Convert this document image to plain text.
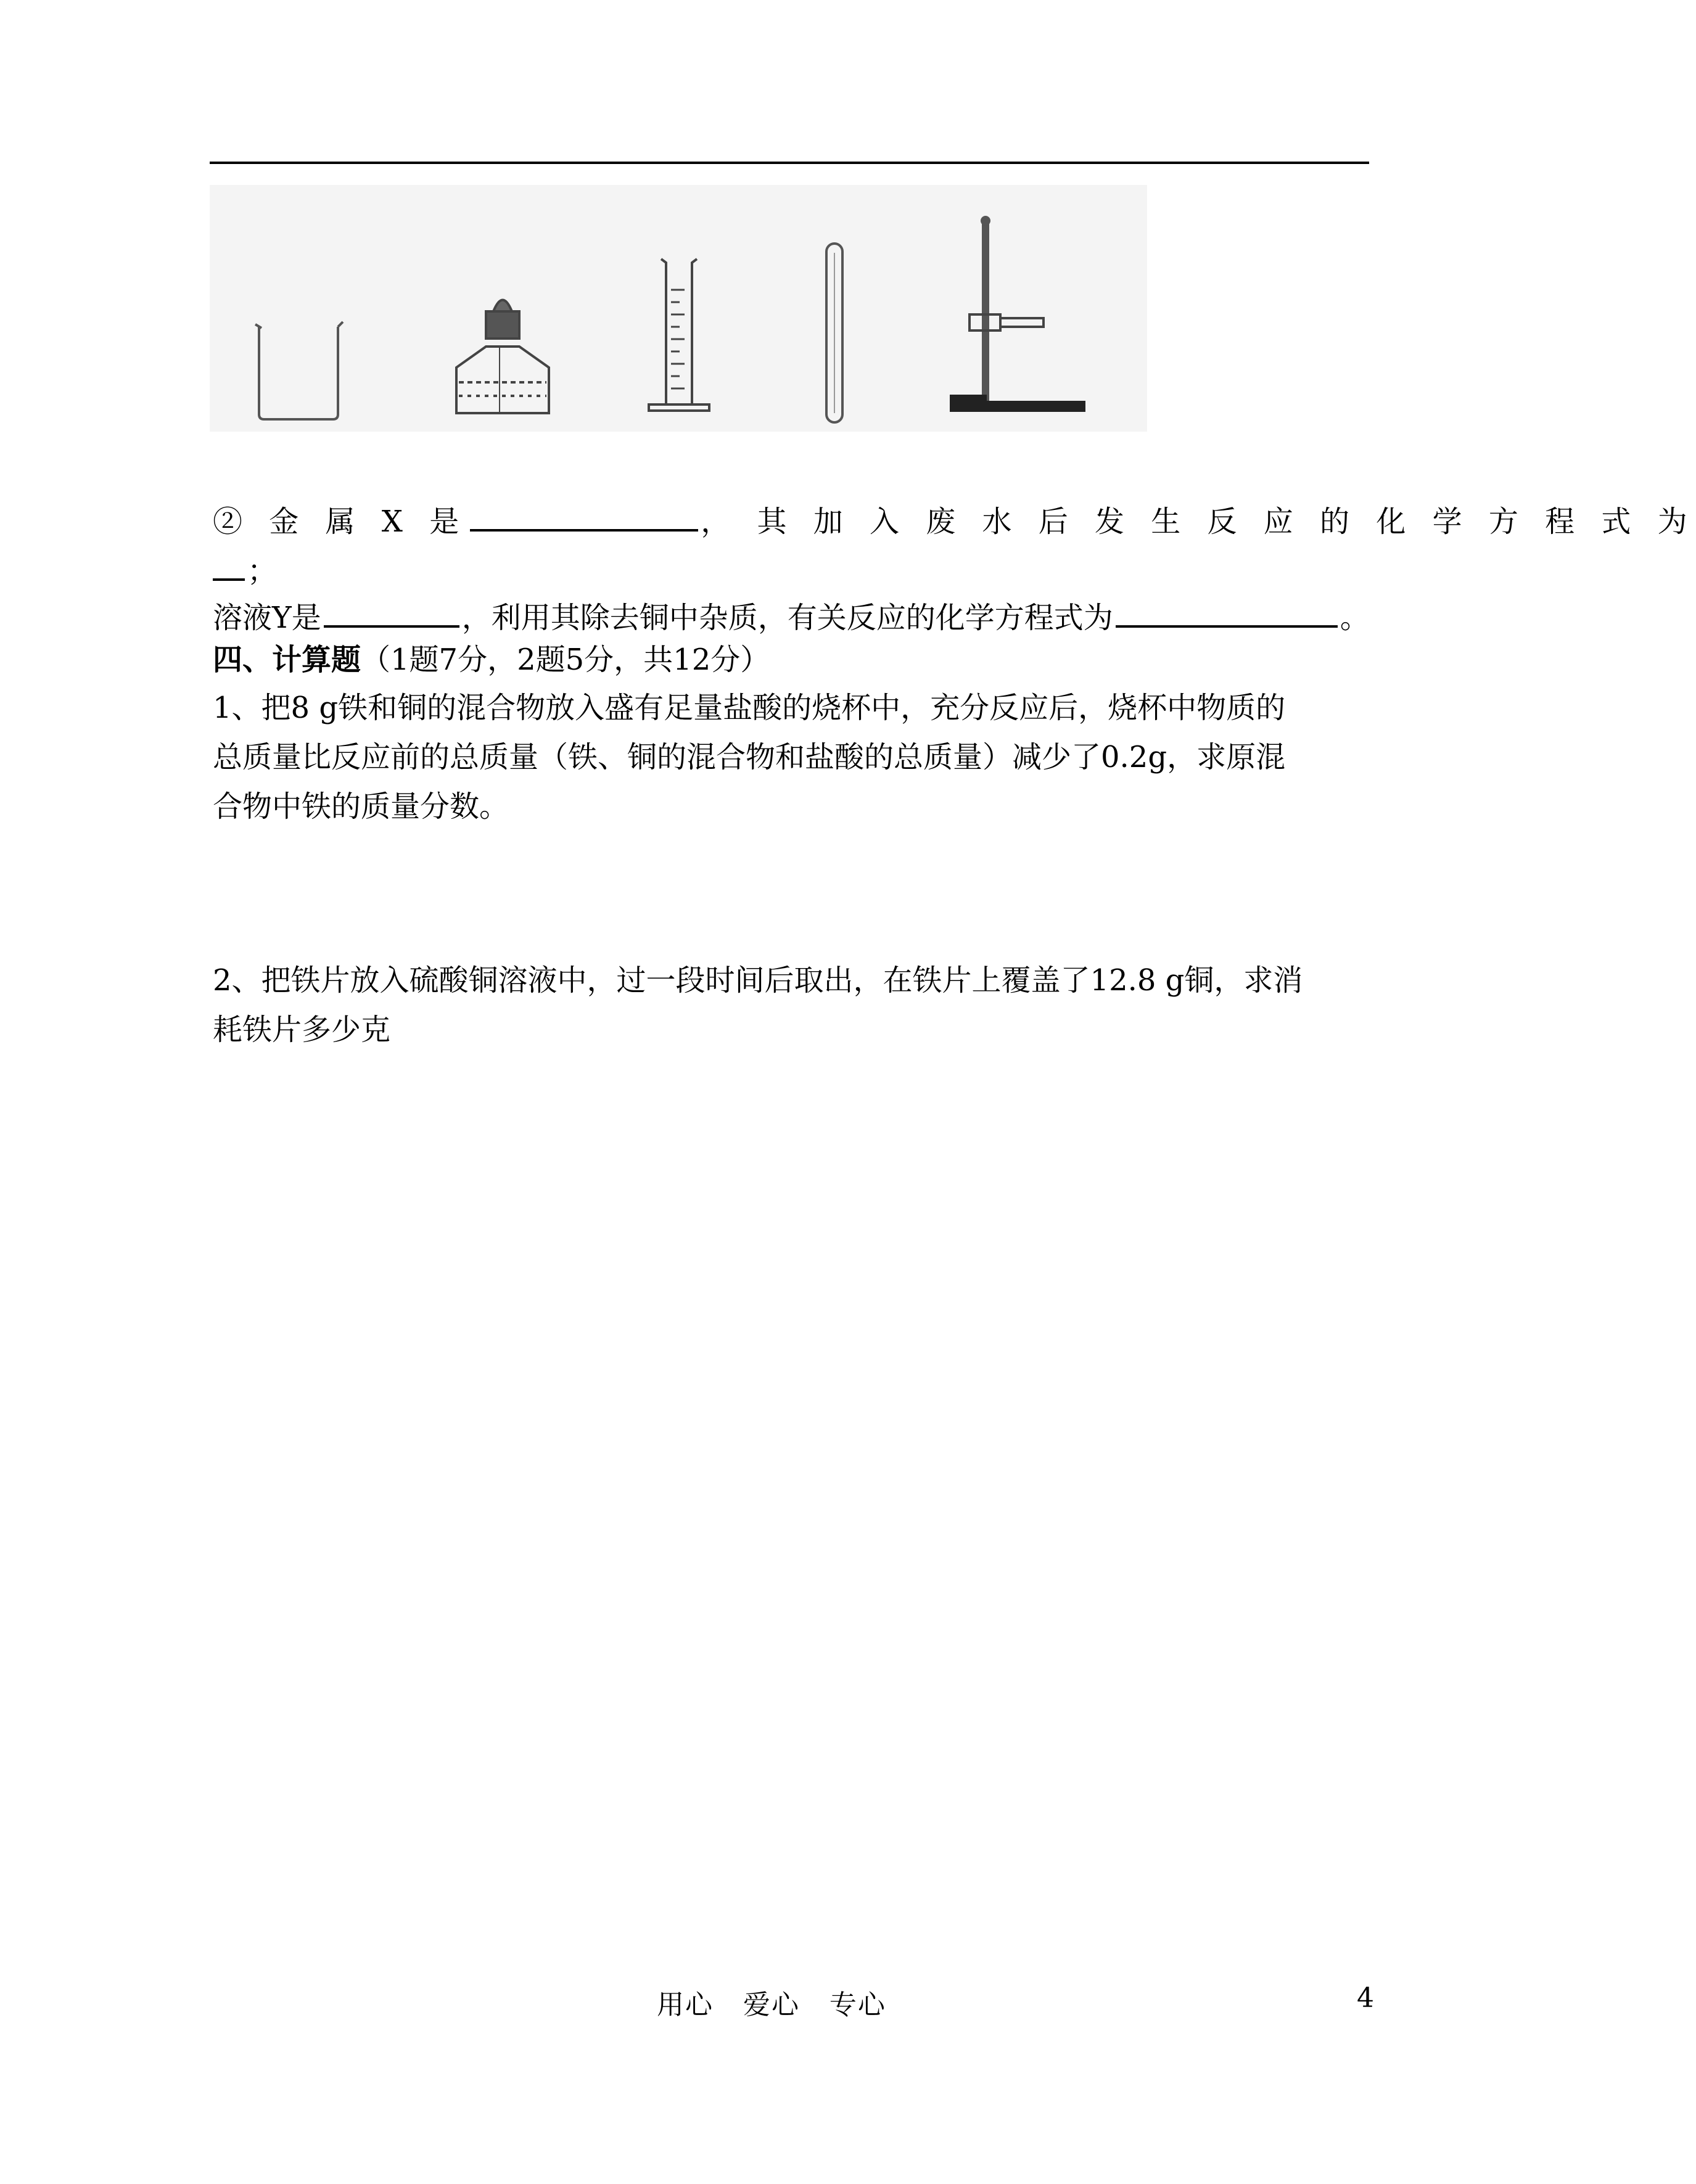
② 金 属 X 是	， 其 加 入 废 水 后 发 生 反 应 的 化 学 方 程 式 为
；
溶液Y是	，利用其除去铜中杂质，有关反应的化学方程式为	。
四、计算题（1题7分，2题5分，共12分）
1、把8 g铁和铜的混合物放入盛有足量盐酸的烧杯中，充分反应后，烧杯中物质的
总质量比反应前的总质量（铁、铜的混合物和盐酸的总质量）减少了0.2g，求原混
合物中铁的质量分数。
2、把铁片放入硫酸铜溶液中，过一段时间后取出，在铁片上覆盖了12.8 g铜，求消
耗铁片多少克
用心   爱心   专心	4
